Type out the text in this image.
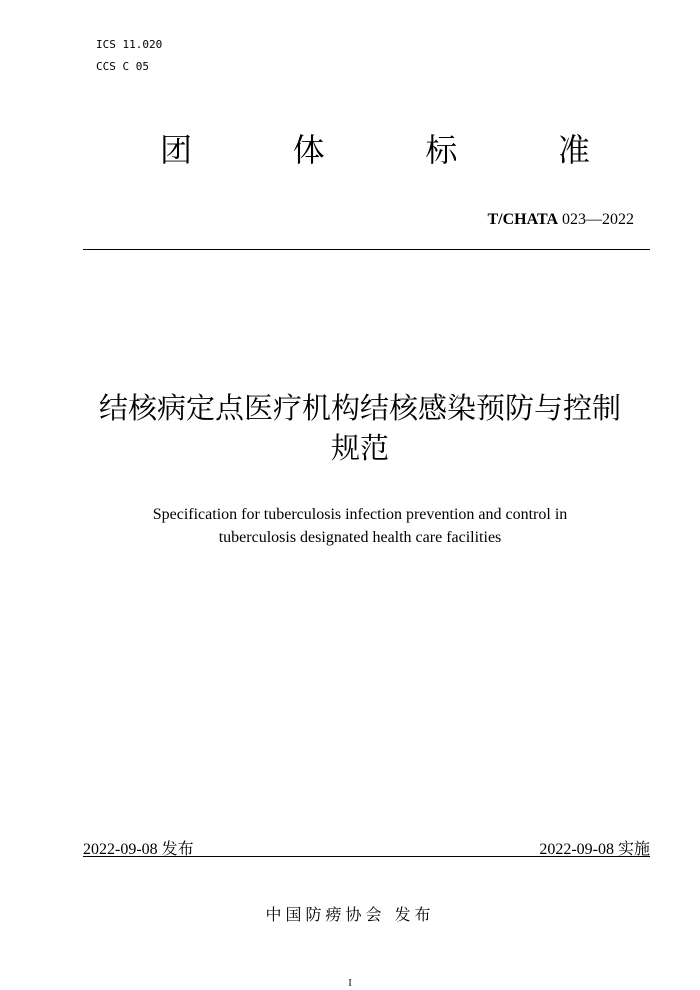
ICS 11.020
CCS C 05
团	体	标	准
T/CHATA 023—2022
结核病定点医疗机构结核感染预防与控制
规范
Specification for tuberculosis infection prevention and control in
tuberculosis designated health care facilities
2022-09-08 发布	2022-09-08 实施
中国防痨协会 发布
I
